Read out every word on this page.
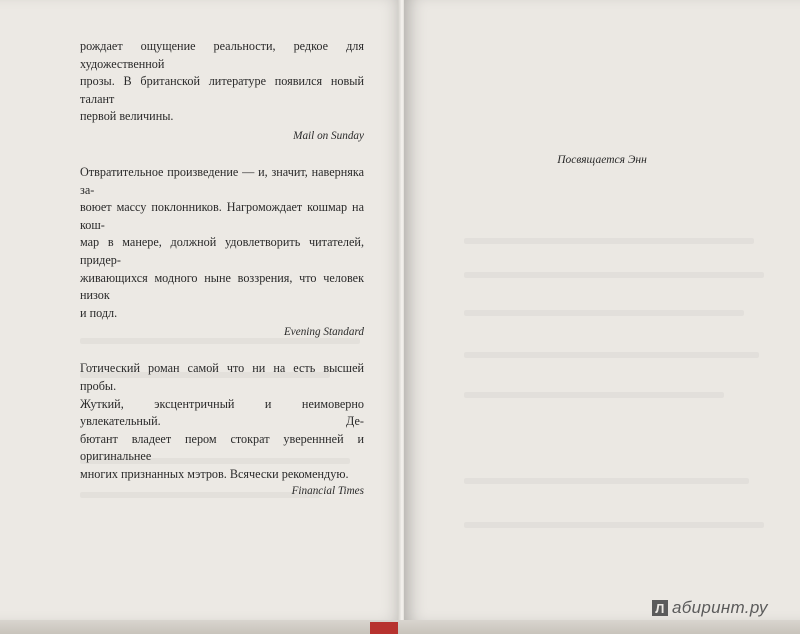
рождает ощущение реальности, редкое для художественной
прозы. В британской литературе появился новый талант
первой величины.

Mail on Sunday

Отвратительное произведение — и, значит, наверняка за-
воюет массу поклонников. Нагромождает кошмар на кош-
мар в манере, должной удовлетворить читателей, придер-
живающихся модного ныне воззрения, что человек низок
и подл.

Evening Standard

Готический роман самой что ни на есть высшей пробы.
Жуткий, эксцентричный и неимоверно увлекательный. Де-
бютант владеет пером стократ увереннней и оригинальнее
многих признанных мэтров. Всячески рекомендую.

Financial Times
Посвящается Энн
Л абиринт.ру
